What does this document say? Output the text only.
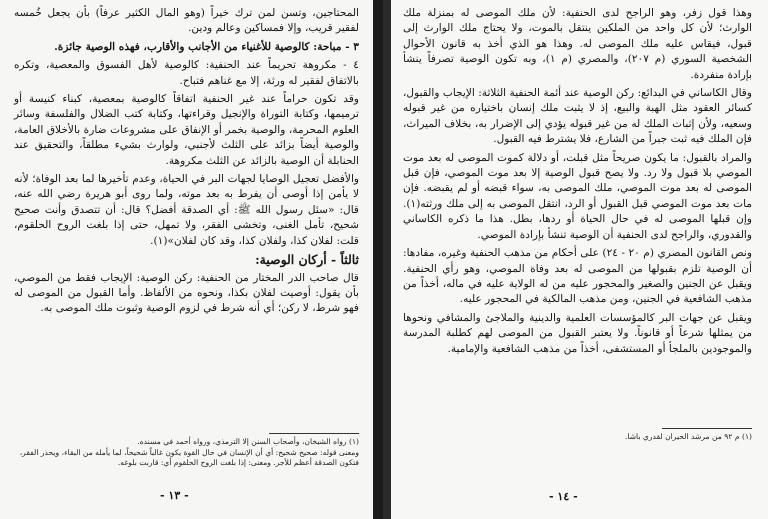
المحتاجين، وتسن لمن ترك خيراً (وهو المال الكثير عرفاً) بأن يجعل خُمسه لفقير قريب، وإلا فمساكين وعالم ودين.

٣ - مباحة: كالوصية للأغنياء من الأجانب والأقارب، فهذه الوصية جائزة.

٤ - مكروهة تحريماً عند الحنفية: كالوصية لأهل الفسوق والمعصية، وتكره بالاتفاق لفقير له ورثة، إلا مع غناهم فتباح.

وقد تكون حراماً عند غير الحنفية اتفاقاً كالوصية بمعصية، كبناء كنيسة أو ترميمها، وكتابة التوراة والإنجيل وقراءتها، وكتابة كتب الضلال والفلسفة وسائر العلوم المحرمة، والوصية بخمر أو الإنفاق على مشروعات ضارة بالأخلاق العامة، والوصية أيضاً بزائد على الثلث لأجنبي، ولوارث بشيء مطلقاً، والتحقيق عند الحنابلة أن الوصية بالزائد عن الثلث مكروهة.

والأفضل تعجيل الوصايا لجهات البر في الحياة، وعدم تأخيرها لما بعد الوفاة؛ لأنه لا يأمن إذا أوصى أن يفرط به بعد موته، ولما روى أبو هريرة رضي الله عنه، قال: «سئل رسول الله ﷺ: أي الصدقة أفضل؟ قال: أن تتصدق وأنت صحيح شحيح، تأمل الغنى، وتخشى الفقر، ولا تمهل، حتى إذا بلغت الروح الحلقوم، قلت: لفلان كذا، ولفلان كذا، وقد كان لفلان»(١).

ثالثاً - أركان الوصية:

قال صاحب الدر المختار من الحنفية: ركن الوصية: الإيجاب فقط من الموصي، بأن يقول: أوصيت لفلان بكذا، ونحوه من الألفاظ. وأما القبول من الموصى له فهو شرط، لا ركن؛ أي أنه شرط في لزوم الوصية وثبوت ملك الموصى به.

(١) رواه الشيخان، وأصحاب السنن إلا الترمذي، ورواه أحمد في مسنده.

ومعنى قوله: صحيح شحيح: أي أن الإنسان في حال القوة يكون غالباً شحيحاً، لما يأمله من البقاء، ويحذر الفقر، فتكون الصدقة أعظم للأجر. ومعنى: إذا بلغت الروح الحلقوم أي: قاربت بلوغه.

- ١٣ -

وهذا قول زفر، وهو الراجح لدى الحنفية: لأن ملك الموصى له بمنزلة ملك الوارث؛ لأن كل واحد من الملكين ينتقل بالموت، ولا يحتاج ملك الوارث إلى قبول، فيقاس عليه ملك الموصى له. وهذا هو الذي أخذ به قانون الأحوال الشخصية السوري (م ٢٠٧)، والمصري (م ١)، وبه تكون الوصية تصرفاً ينشأ بإرادة منفردة.

وقال الكاساني في البدائع: ركن الوصية عند أئمة الحنفية الثلاثة: الإيجاب والقبول، كسائر العقود مثل الهبة والبيع، إذ لا يثبت ملك إنسان باختياره من غير قبوله وسعيه، ولأن إثبات الملك له من غير قبوله يؤدي إلى الإضرار به، بخلاف الميراث، فإن الملك فيه ثبت جبراً من الشارع، فلا يشترط فيه القبول.

والمراد بالقبول: ما يكون صريحاً مثل قبلت، أو دلالة كموت الموصى له بعد موت الموصي بلا قبول ولا رد. ولا يصح قبول الوصية إلا بعد موت الموصي، فإن قبل الموصى له بعد موت الموصي، ملك الموصى به، سواء قبضه أو لم يقبضه. فإن مات بعد موت الموصي قبل القبول أو الرد، انتقل الموصى به إلى ملك ورثته(١). وإن قبلها الموصى له في حال الحياة أو ردها، بطل. هذا ما ذكره الكاساني والقدوري، والراجح لدى الحنفية أن الوصية تنشأ بإرادة الموصي.

ونص القانون المصري (م ٢٠ - ٢٤) على أحكام من مذهب الحنفية وغيره، مفادها: أن الوصية تلزم بقبولها من الموصى له بعد وفاة الموصي، وهو رأي الحنفية. ويقبل عن الجنين والصغير والمحجور عليه من له الولاية عليه في ماله، أخذاً من مذهب الشافعية في الجنين، ومن مذهب المالكية في المحجور عليه.

ويقبل عن جهات البر كالمؤسسات العلمية والدينية والملاجئ والمشافي ونحوها من يمثلها شرعاً أو قانوناً. ولا يعتبر القبول من الموصى لهم كطلبة المدرسة والموجودين بالملجأ أو المستشفى، أخذاً من مذهب الشافعية والإمامية.

(١) م ٩٢ من مرشد الحيران لقدري باشا.

- ١٤ -
